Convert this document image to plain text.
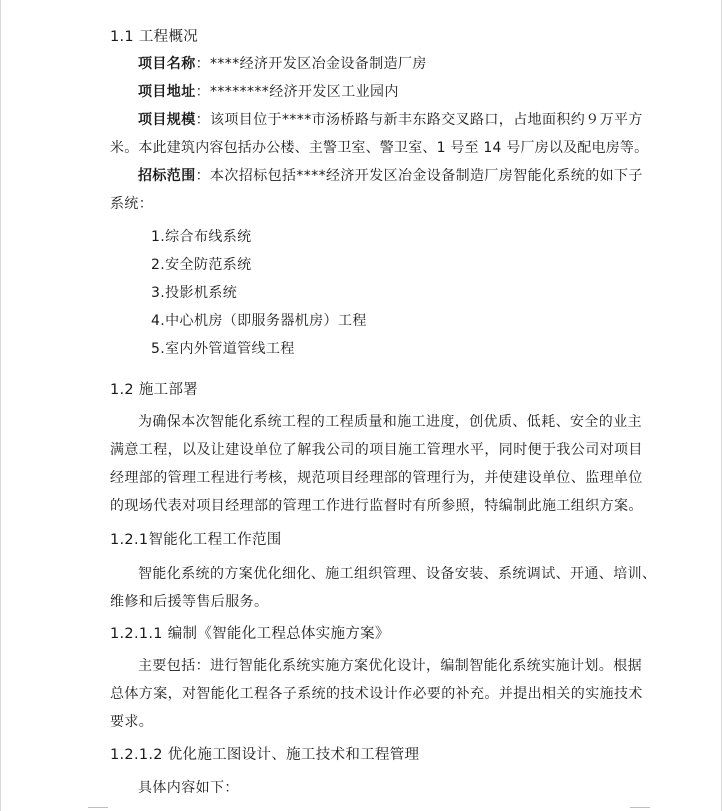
1.1 工程概况
项目名称：****经济开发区冶金设备制造厂房
项目地址：********经济开发区工业园内
项目规模：该项目位于****市汤桥路与新丰东路交叉路口，占地面积约９万平方
米。本此建筑内容包括办公楼、主警卫室、警卫室、1 号至 14 号厂房以及配电房等。
招标范围：本次招标包括****经济开发区冶金设备制造厂房智能化系统的如下子
系统：
1.综合布线系统
2.安全防范系统
3.投影机系统
4.中心机房（即服务器机房）工程
5.室内外管道管线工程
1.2 施工部署
为确保本次智能化系统工程的工程质量和施工进度，创优质、低耗、安全的业主
满意工程，以及让建设单位了解我公司的项目施工管理水平，同时便于我公司对项目
经理部的管理工程进行考核，规范项目经理部的管理行为，并使建设单位、监理单位
的现场代表对项目经理部的管理工作进行监督时有所参照，特编制此施工组织方案。
1.2.1智能化工程工作范围
智能化系统的方案优化细化、施工组织管理、设备安装、系统调试、开通、培训、
维修和后援等售后服务。
1.2.1.1 编制《智能化工程总体实施方案》
主要包括：进行智能化系统实施方案优化设计，编制智能化系统实施计划。根据
总体方案，对智能化工程各子系统的技术设计作必要的补充。并提出相关的实施技术
要求。
1.2.1.2 优化施工图设计、施工技术和工程管理
具体内容如下：
